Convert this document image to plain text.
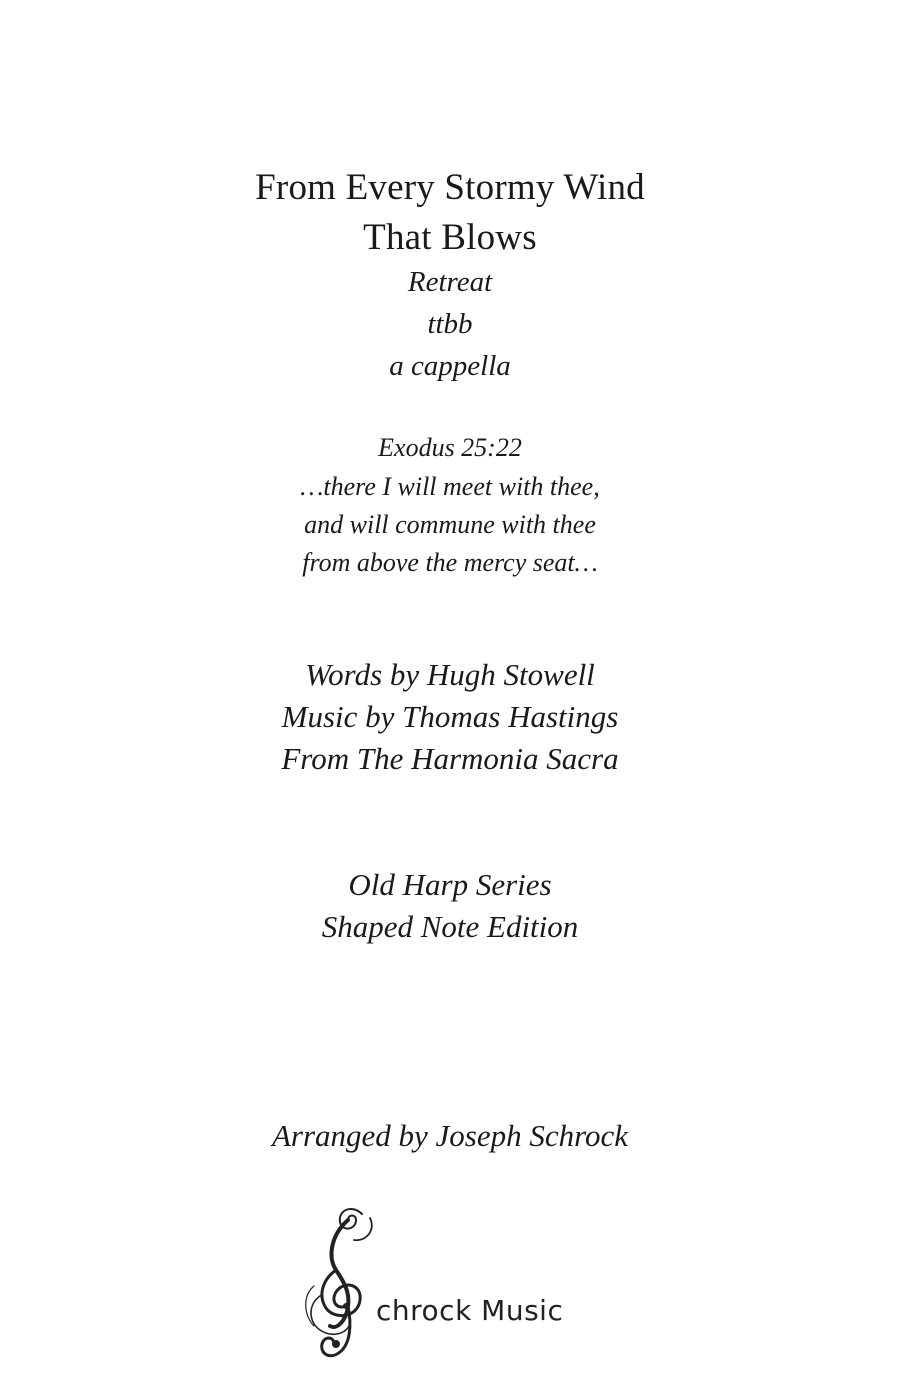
From Every Stormy Wind
That Blows
Retreat
ttbb
a cappella
Exodus 25:22
…there I will meet with thee,
and will commune with thee
from above the mercy seat…
Words by Hugh Stowell
Music by Thomas Hastings
From The Harmonia Sacra
Old Harp Series
Shaped Note Edition
Arranged by Joseph Schrock
chrock Music
